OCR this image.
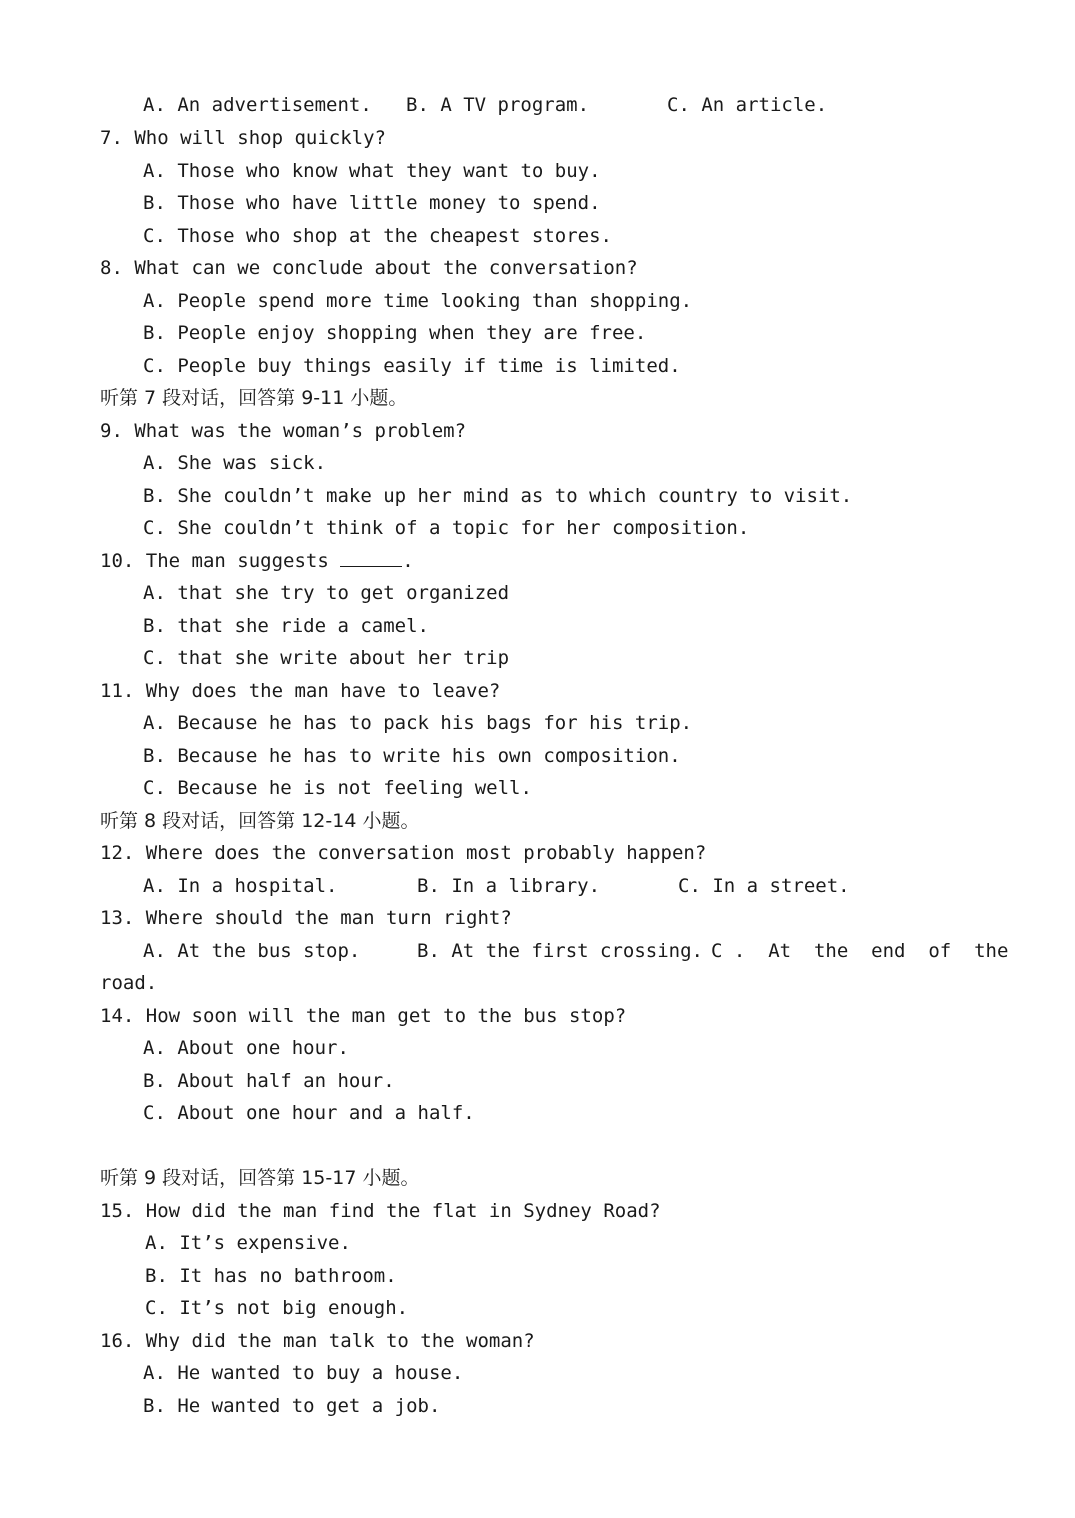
A. An advertisement. B. A TV program.	C. An article.
7. Who will shop quickly?
A. Those who know what they want to buy.
B. Those who have little money to spend.
C. Those who shop at the cheapest stores.
8. What can we conclude about the conversation?
A. People spend more time looking than shopping.
B. People enjoy shopping when they are free.
C. People buy things easily if time is limited.
听第 7 段对话，回答第 9-11 小题。
9. What was the woman’s problem?
A. She was sick.
B. She couldn’t make up her mind as to which country to visit.
C. She couldn’t think of a topic for her composition.
10. The man suggests	.
A. that she try to get organized
B. that she ride a camel.
C. that she write about her trip
11. Why does the man have to leave?
A. Because he has to pack his bags for his trip.
B. Because he has to write his own composition.
C. Because he is not feeling well.
听第 8 段对话，回答第 12-14 小题。
12. Where does the conversation most probably happen?
A. In a hospital.	B. In a library.	C. In a street.
13. Where should the man turn right?
A. At the bus stop.	B. At the first crossing. C .  At  the  end  of  the
road.
14. How soon will the man get to the bus stop?
A. About one hour.
B. About half an hour.
C. About one hour and a half.
听第 9 段对话，回答第 15-17 小题。
15. How did the man find the flat in Sydney Road?
A. It’s expensive.
B. It has no bathroom.
C. It’s not big enough.
16. Why did the man talk to the woman?
A. He wanted to buy a house.
B. He wanted to get a job.
